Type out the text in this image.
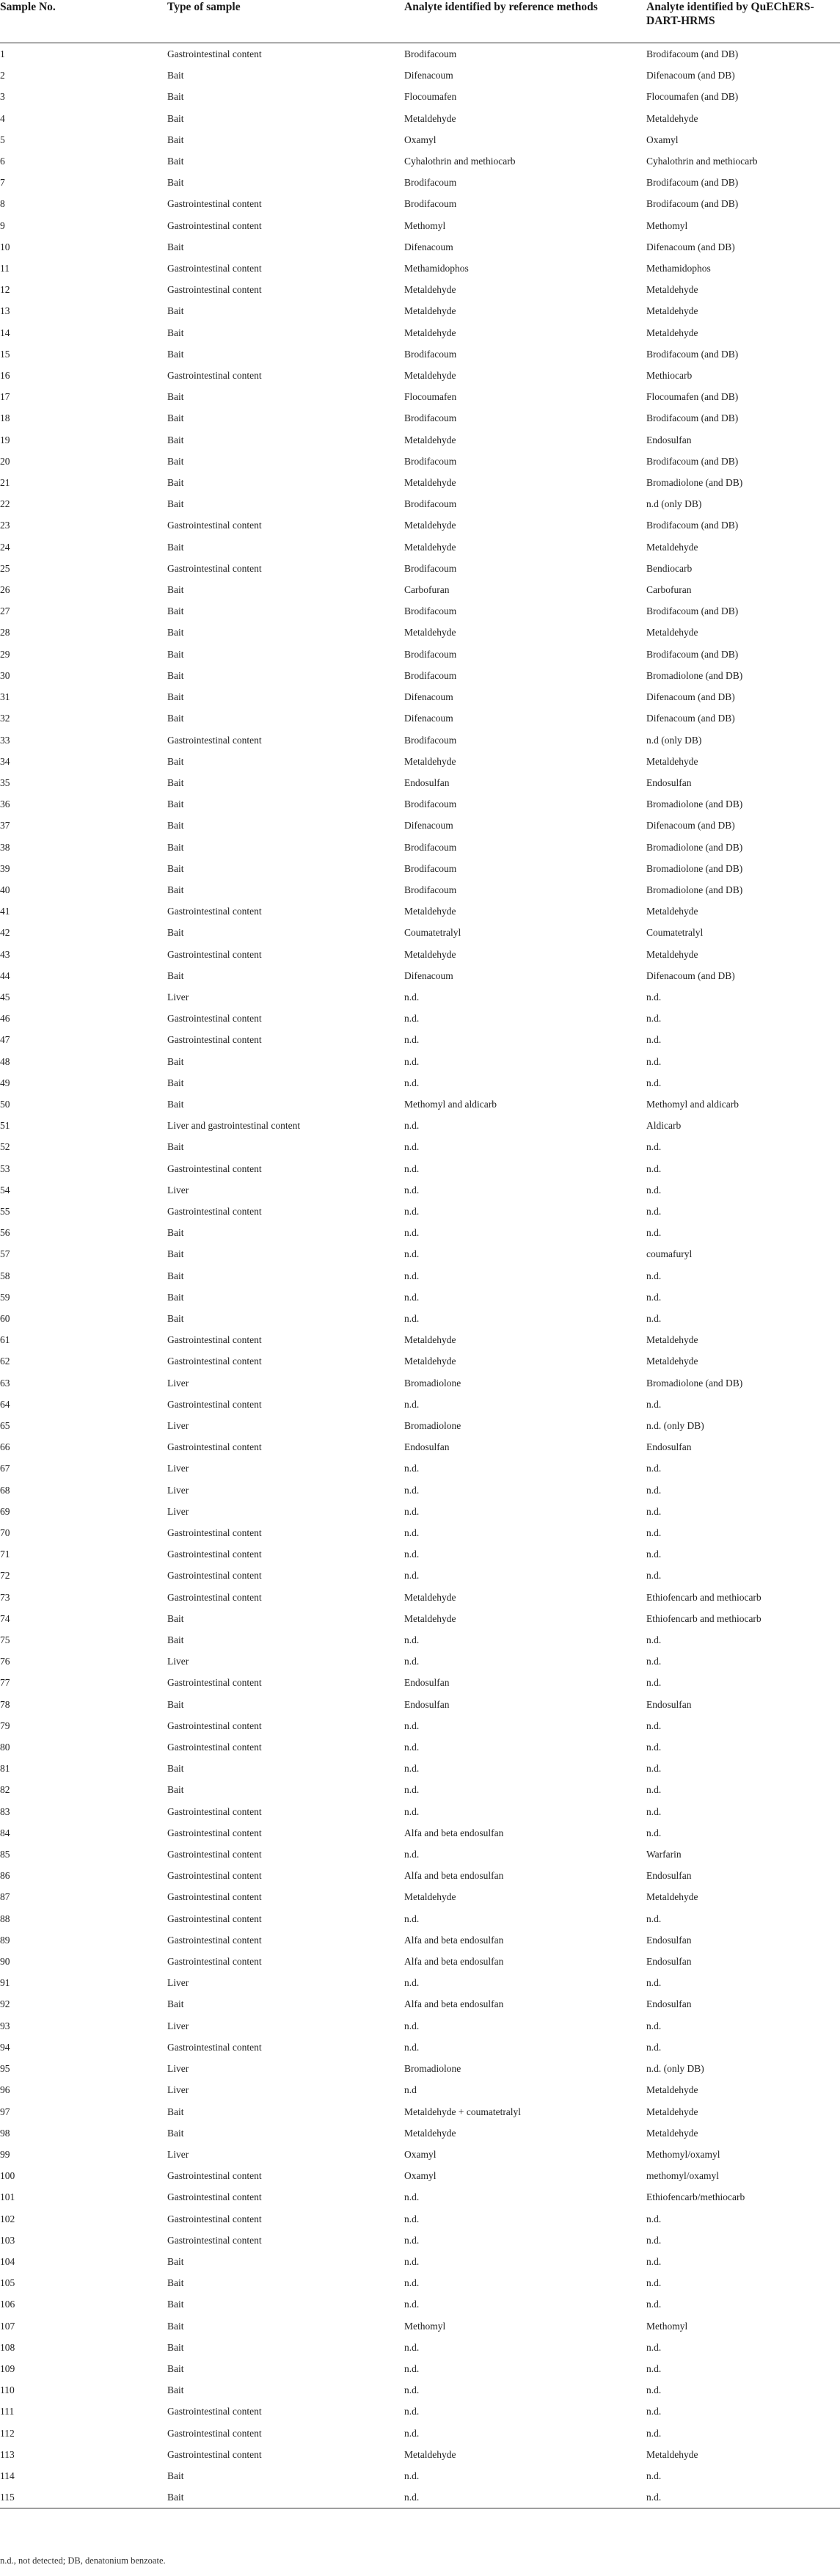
Sample No.	Type of sample	Analyte identified by reference methods	Analyte identified by QuEChERS-DART-HRMS

1	Gastrointestinal content	Brodifacoum	Brodifacoum (and DB)
2	Bait	Difenacoum	Difenacoum (and DB)
3	Bait	Flocoumafen	Flocoumafen (and DB)
4	Bait	Metaldehyde	Metaldehyde
5	Bait	Oxamyl	Oxamyl
6	Bait	Cyhalothrin and methiocarb	Cyhalothrin and methiocarb
7	Bait	Brodifacoum	Brodifacoum (and DB)
8	Gastrointestinal content	Brodifacoum	Brodifacoum (and DB)
9	Gastrointestinal content	Methomyl	Methomyl
10	Bait	Difenacoum	Difenacoum (and DB)
11	Gastrointestinal content	Methamidophos	Methamidophos
12	Gastrointestinal content	Metaldehyde	Metaldehyde
13	Bait	Metaldehyde	Metaldehyde
14	Bait	Metaldehyde	Metaldehyde
15	Bait	Brodifacoum	Brodifacoum (and DB)
16	Gastrointestinal content	Metaldehyde	Methiocarb
17	Bait	Flocoumafen	Flocoumafen (and DB)
18	Bait	Brodifacoum	Brodifacoum (and DB)
19	Bait	Metaldehyde	Endosulfan
20	Bait	Brodifacoum	Brodifacoum (and DB)
21	Bait	Metaldehyde	Bromadiolone (and DB)
22	Bait	Brodifacoum	n.d (only DB)
23	Gastrointestinal content	Metaldehyde	Brodifacoum (and DB)
24	Bait	Metaldehyde	Metaldehyde
25	Gastrointestinal content	Brodifacoum	Bendiocarb
26	Bait	Carbofuran	Carbofuran
27	Bait	Brodifacoum	Brodifacoum (and DB)
28	Bait	Metaldehyde	Metaldehyde
29	Bait	Brodifacoum	Brodifacoum (and DB)
30	Bait	Brodifacoum	Bromadiolone (and DB)
31	Bait	Difenacoum	Difenacoum (and DB)
32	Bait	Difenacoum	Difenacoum (and DB)
33	Gastrointestinal content	Brodifacoum	n.d (only DB)
34	Bait	Metaldehyde	Metaldehyde
35	Bait	Endosulfan	Endosulfan
36	Bait	Brodifacoum	Bromadiolone (and DB)
37	Bait	Difenacoum	Difenacoum (and DB)
38	Bait	Brodifacoum	Bromadiolone (and DB)
39	Bait	Brodifacoum	Bromadiolone (and DB)
40	Bait	Brodifacoum	Bromadiolone (and DB)
41	Gastrointestinal content	Metaldehyde	Metaldehyde
42	Bait	Coumatetralyl	Coumatetralyl
43	Gastrointestinal content	Metaldehyde	Metaldehyde
44	Bait	Difenacoum	Difenacoum (and DB)
45	Liver	n.d.	n.d.
46	Gastrointestinal content	n.d.	n.d.
47	Gastrointestinal content	n.d.	n.d.
48	Bait	n.d.	n.d.
49	Bait	n.d.	n.d.
50	Bait	Methomyl and aldicarb	Methomyl and aldicarb
51	Liver and gastrointestinal content	n.d.	Aldicarb
52	Bait	n.d.	n.d.
53	Gastrointestinal content	n.d.	n.d.
54	Liver	n.d.	n.d.
55	Gastrointestinal content	n.d.	n.d.
56	Bait	n.d.	n.d.
57	Bait	n.d.	coumafuryl
58	Bait	n.d.	n.d.
59	Bait	n.d.	n.d.
60	Bait	n.d.	n.d.
61	Gastrointestinal content	Metaldehyde	Metaldehyde
62	Gastrointestinal content	Metaldehyde	Metaldehyde
63	Liver	Bromadiolone	Bromadiolone (and DB)
64	Gastrointestinal content	n.d.	n.d.
65	Liver	Bromadiolone	n.d. (only DB)
66	Gastrointestinal content	Endosulfan	Endosulfan
67	Liver	n.d.	n.d.
68	Liver	n.d.	n.d.
69	Liver	n.d.	n.d.
70	Gastrointestinal content	n.d.	n.d.
71	Gastrointestinal content	n.d.	n.d.
72	Gastrointestinal content	n.d.	n.d.
73	Gastrointestinal content	Metaldehyde	Ethiofencarb and methiocarb
74	Bait	Metaldehyde	Ethiofencarb and methiocarb
75	Bait	n.d.	n.d.
76	Liver	n.d.	n.d.
77	Gastrointestinal content	Endosulfan	n.d.
78	Bait	Endosulfan	Endosulfan
79	Gastrointestinal content	n.d.	n.d.
80	Gastrointestinal content	n.d.	n.d.
81	Bait	n.d.	n.d.
82	Bait	n.d.	n.d.
83	Gastrointestinal content	n.d.	n.d.
84	Gastrointestinal content	Alfa and beta endosulfan	n.d.
85	Gastrointestinal content	n.d.	Warfarin
86	Gastrointestinal content	Alfa and beta endosulfan	Endosulfan
87	Gastrointestinal content	Metaldehyde	Metaldehyde
88	Gastrointestinal content	n.d.	n.d.
89	Gastrointestinal content	Alfa and beta endosulfan	Endosulfan
90	Gastrointestinal content	Alfa and beta endosulfan	Endosulfan
91	Liver	n.d.	n.d.
92	Bait	Alfa and beta endosulfan	Endosulfan
93	Liver	n.d.	n.d.
94	Gastrointestinal content	n.d.	n.d.
95	Liver	Bromadiolone	n.d. (only DB)
96	Liver	n.d	Metaldehyde
97	Bait	Metaldehyde + coumatetralyl	Metaldehyde
98	Bait	Metaldehyde	Metaldehyde
99	Liver	Oxamyl	Methomyl/oxamyl
100	Gastrointestinal content	Oxamyl	methomyl/oxamyl
101	Gastrointestinal content	n.d.	Ethiofencarb/methiocarb
102	Gastrointestinal content	n.d.	n.d.
103	Gastrointestinal content	n.d.	n.d.
104	Bait	n.d.	n.d.
105	Bait	n.d.	n.d.
106	Bait	n.d.	n.d.
107	Bait	Methomyl	Methomyl
108	Bait	n.d.	n.d.
109	Bait	n.d.	n.d.
110	Bait	n.d.	n.d.
111	Gastrointestinal content	n.d.	n.d.
112	Gastrointestinal content	n.d.	n.d.
113	Gastrointestinal content	Metaldehyde	Metaldehyde
114	Bait	n.d.	n.d.
115	Bait	n.d.	n.d.
n.d., not detected; DB, denatonium benzoate.
